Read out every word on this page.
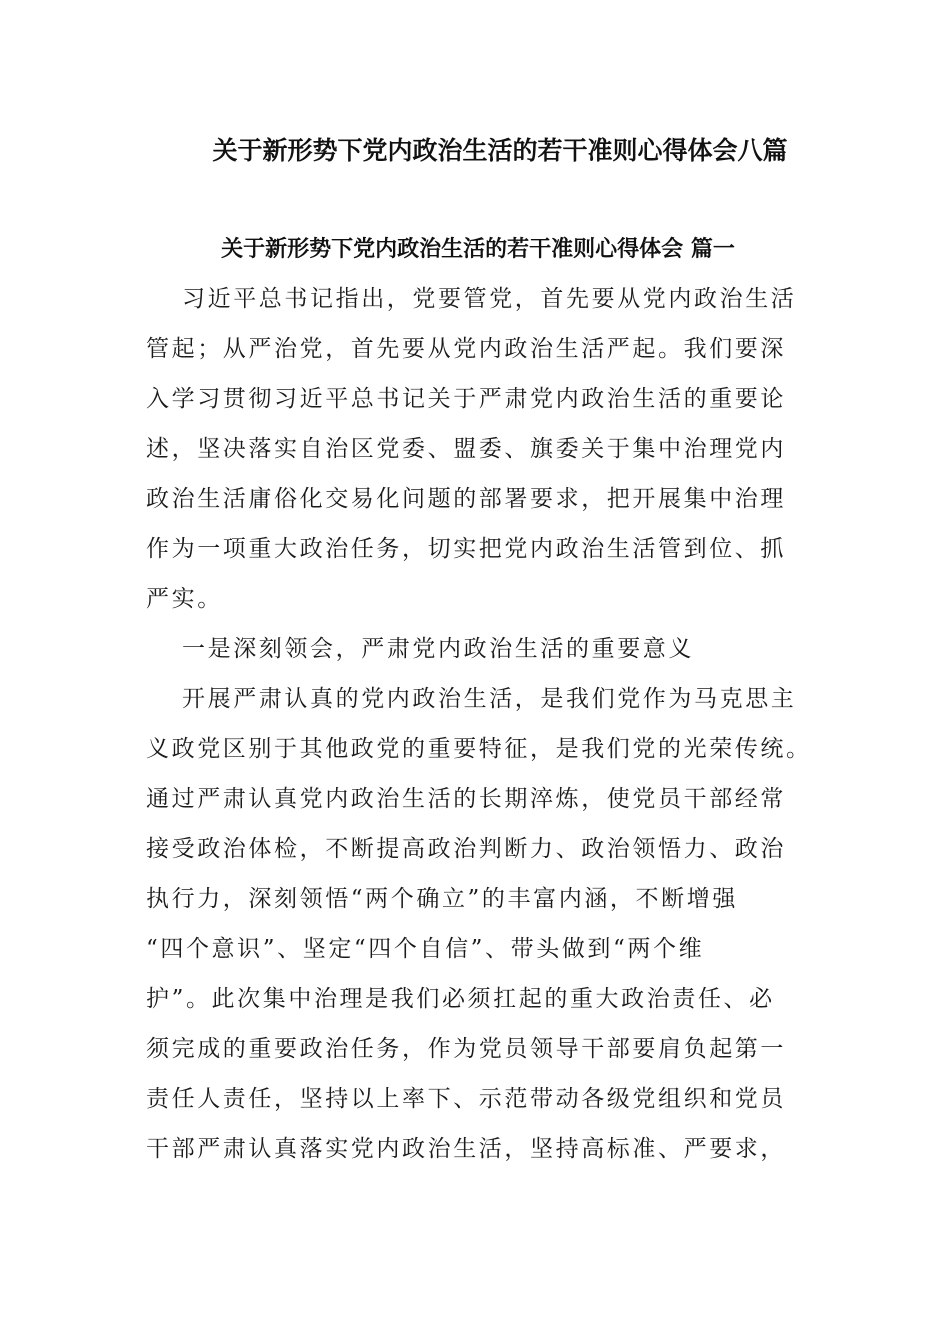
关于新形势下党内政治生活的若干准则心得体会八篇
关于新形势下党内政治生活的若干准则心得体会 篇一
习近平总书记指出，党要管党，首先要从党内政治生活
管起；从严治党，首先要从党内政治生活严起。我们要深
入学习贯彻习近平总书记关于严肃党内政治生活的重要论
述，坚决落实自治区党委、盟委、旗委关于集中治理党内
政治生活庸俗化交易化问题的部署要求，把开展集中治理
作为一项重大政治任务，切实把党内政治生活管到位、抓
严实。
一是深刻领会，严肃党内政治生活的重要意义
开展严肃认真的党内政治生活，是我们党作为马克思主
义政党区别于其他政党的重要特征，是我们党的光荣传统。
通过严肃认真党内政治生活的长期淬炼，使党员干部经常
接受政治体检，不断提高政治判断力、政治领悟力、政治
执行力，深刻领悟“两个确立”的丰富内涵，不断增强
“四个意识”、坚定“四个自信”、带头做到“两个维
护”。此次集中治理是我们必须扛起的重大政治责任、必
须完成的重要政治任务，作为党员领导干部要肩负起第一
责任人责任，坚持以上率下、示范带动各级党组织和党员
干部严肃认真落实党内政治生活，坚持高标准、严要求，
